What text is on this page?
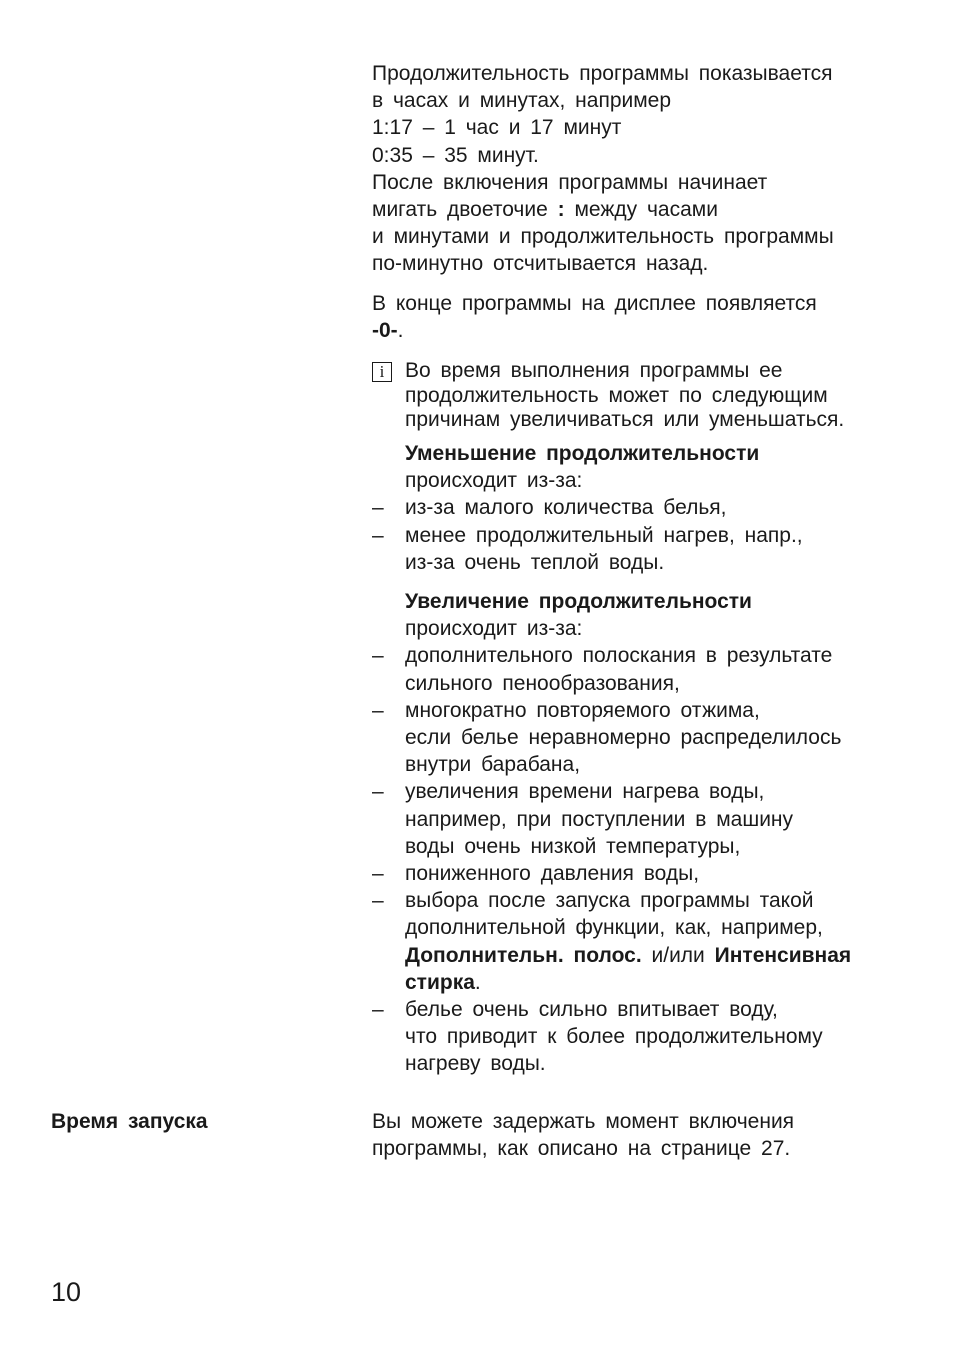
Продолжительность программы показывается
в часах и минутах, например
1:17 – 1 час и 17 минут
0:35 – 35 минут.
После включения программы начинает
мигать двоеточие : между часами
и минутами и продолжительность программы
по-минутно отсчитывается назад.
В конце программы на дисплее появляется
-0-.
i Во время выполнения программы ее
продолжительность может по следующим
причинам увеличиваться или уменьшаться.
Уменьшение продолжительности
происходит из-за:
– из-за малого количества белья,
– менее продолжительный нагрев, напр.,
из-за очень теплой воды.
Увеличение продолжительности
происходит из-за:
– дополнительного полоскания в результате
сильного пенообразования,
– многократно повторяемого отжима,
если белье неравномерно распределилось
внутри барабана,
– увеличения времени нагрева воды,
например, при поступлении в машину
воды очень низкой температуры,
– пониженного давления воды,
– выбора после запуска программы такой
дополнительной функции, как, например,
Дополнительн. полос. и/или Интенсивная
стирка.
– белье очень сильно впитывает воду,
что приводит к более продолжительному
нагреву воды.
Время запуска	Вы можете задержать момент включения
программы, как описано на странице 27.
10
